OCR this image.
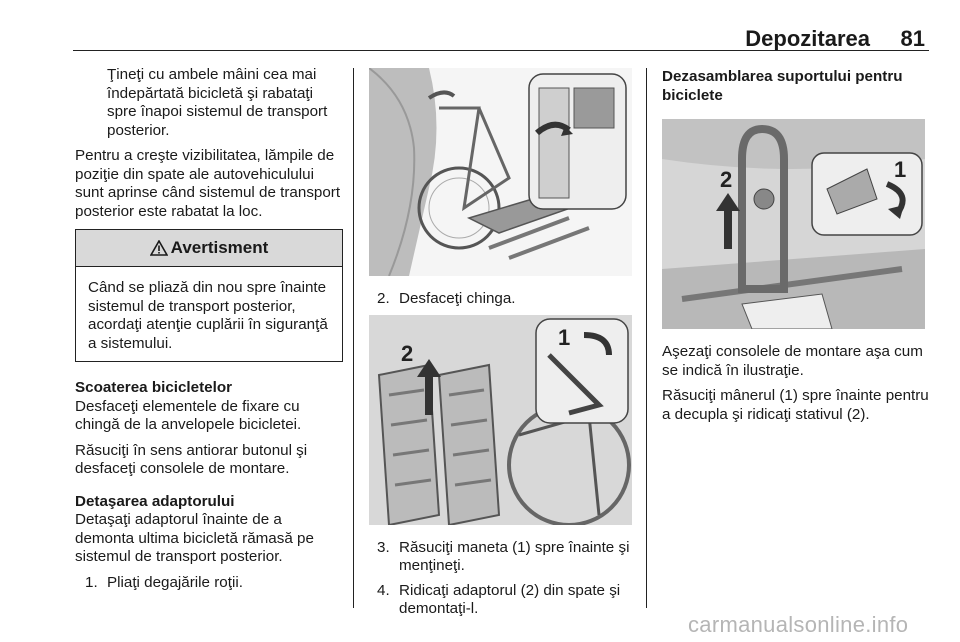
Depozitarea	81

Ţineţi cu ambele mâini cea mai îndepărtată bicicletă şi rabataţi spre înapoi sistemul de transport posterior.

Pentru a creşte vizibilitatea, lămpile de poziţie din spate ale autovehiculului sunt aprinse când sistemul de transport posterior este rabatat la loc.

Avertisment
Când se pliază din nou spre înainte sistemul de transport posterior, acordaţi atenţie cuplării în siguranţă a sistemului.
Scoaterea bicicletelor

Desfaceţi elementele de fixare cu chingă de la anvelopele bicicletei.

Răsuciţi în sens antiorar butonul şi desfaceţi consolele de montare.

Detaşarea adaptorului

Detaşaţi adaptorul înainte de a demonta ultima bicicletă rămasă pe sistemul de transport posterior.

1. Pliaţi degajările roţii.
2. Desfaceţi chinga.
2
1
3. Răsuciţi maneta (1) spre înainte şi menţineţi.
4. Ridicaţi adaptorul (2) din spate şi demontaţi-l.
Dezasamblarea suportului pentru biciclete
2	1

Aşezaţi consolele de montare aşa cum se indică în ilustraţie.

Răsuciţi mânerul (1) spre înainte pentru a decupla şi ridicaţi stativul (2).

carmanualsonline.info
